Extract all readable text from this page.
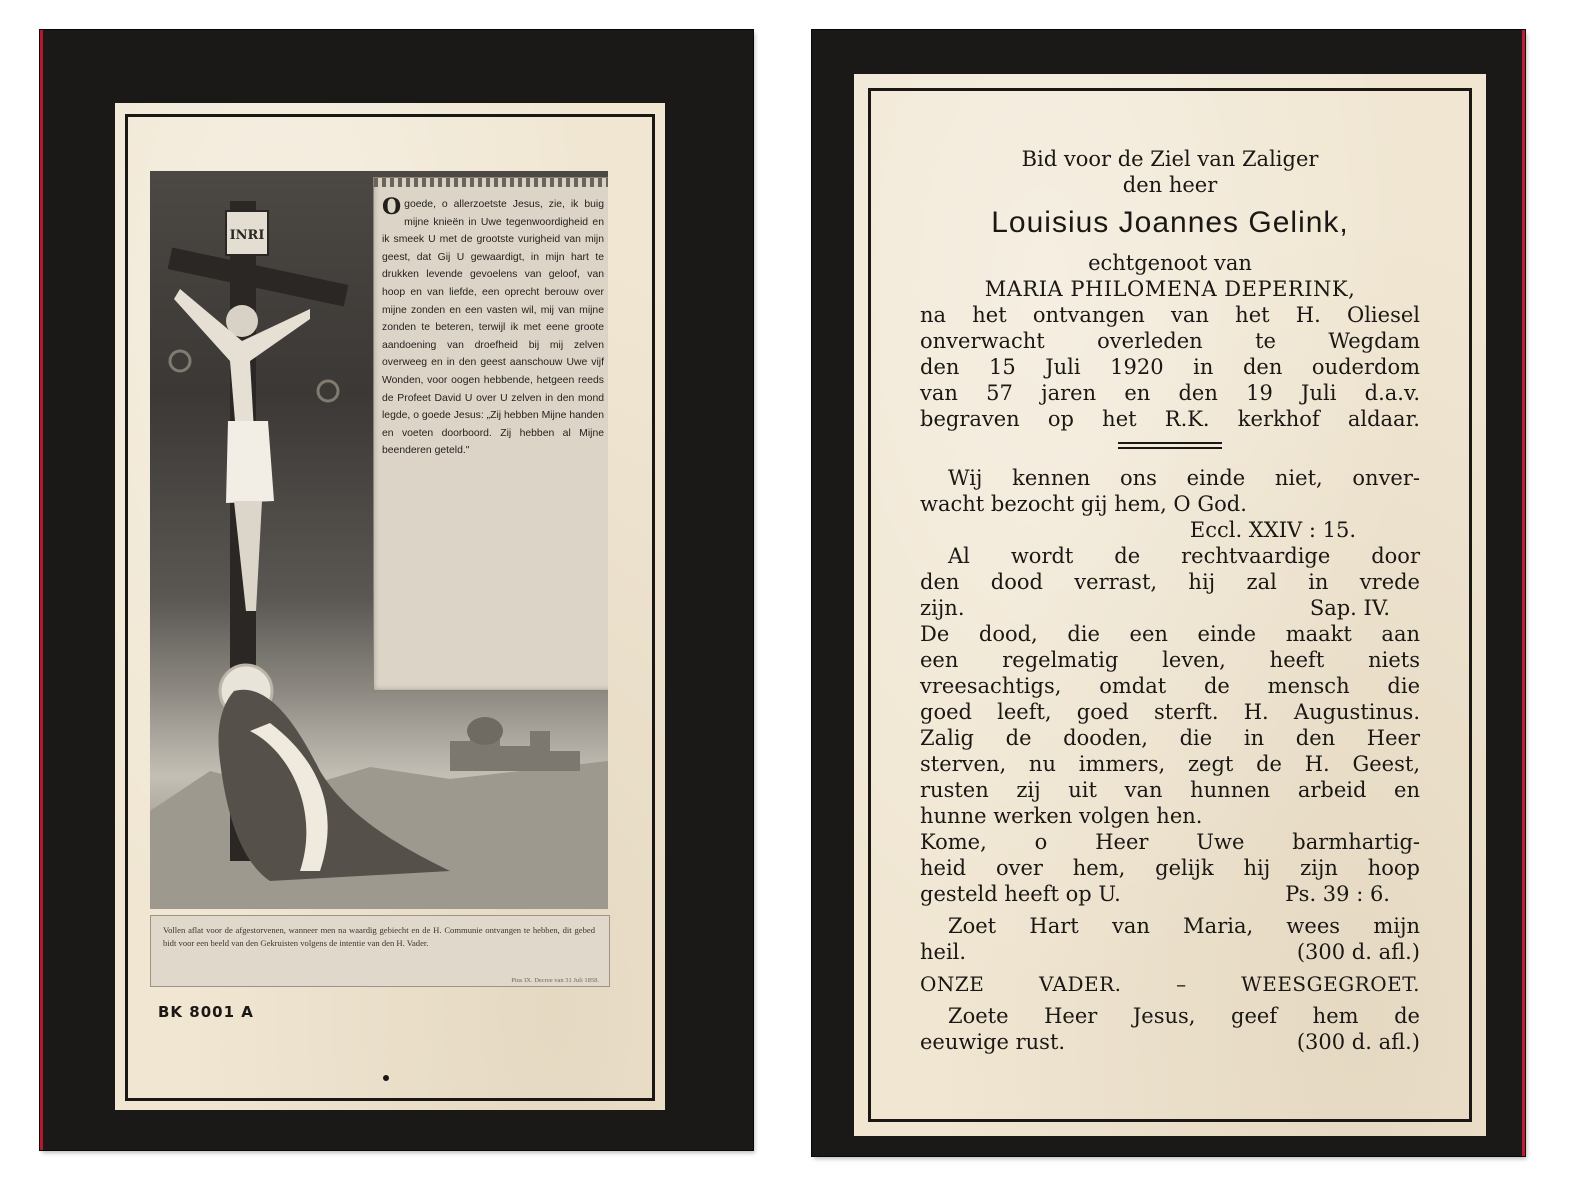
INRI
Ogoede, o allerzoetste Jesus, zie, ik buig mijne knieën in Uwe tegenwoordigheid en ik smeek U met de grootste vurigheid van mijn geest, dat Gij U gewaardigt, in mijn hart te drukken levende gevoelens van geloof, van hoop en van liefde, een oprecht berouw over mijne zonden en een vasten wil, mij van mijne zonden te beteren, terwijl ik met eene groote aandoening van droefheid bij mij zelven overweeg en in den geest aanschouw Uwe vijf Wonden, voor oogen hebbende, hetgeen reeds de Profeet David U over U zelven in den mond legde, o goede Jesus: „Zij hebben Mijne handen en voeten doorboord. Zij hebben al Mijne beenderen geteld."
Vollen aflat voor de afgestorvenen, wanneer men na waardig gebiecht en de H. Communie ontvangen te hebben, dit gebed bidt voor een beeld van den Gekruisten volgens de intentie van den H. Vader.
Pius IX. Decree van 31 Juli 1858.
BK 8001 A
Bid voor de Ziel van Zaliger
den heer
Louisius Joannes Gelink,
echtgenoot van
MARIA PHILOMENA DEPERINK,
na het ontvangen van het H. Oliesel
onverwacht overleden te Wegdam
den 15 Juli 1920 in den ouderdom
van 57 jaren en den 19 Juli d.a.v.
begraven op het R.K. kerkhof aldaar.
Wij kennen ons einde niet, onver-
wacht bezocht gij hem, O God.
Eccl. XXIV : 15.
Al wordt de rechtvaardige door
den dood verrast, hij zal in vrede
zijn.	Sap. IV.
De dood, die een einde maakt aan
een regelmatig leven, heeft niets
vreesachtigs, omdat de mensch die
goed leeft, goed sterft. H. Augustinus.
Zalig de dooden, die in den Heer
sterven, nu immers, zegt de H. Geest,
rusten zij uit van hunnen arbeid en
hunne werken volgen hen.
Kome, o Heer Uwe barmhartig-
heid over hem, gelijk hij zijn hoop
gesteld heeft op U.	Ps. 39 : 6.
Zoet Hart van Maria, wees mijn
heil.	(300 d. afl.)
ONZE VADER. – WEESGEGROET.
Zoete Heer Jesus, geef hem de
eeuwige rust.	(300 d. afl.)
